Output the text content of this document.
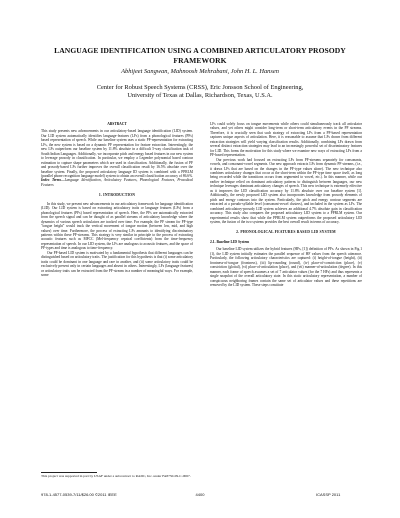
LANGUAGE IDENTIFICATION USING A COMBINED ARTICULATORY PROSODY
FRAMEWORK
Abhijeet Sangwan, Mahnoosh Mehrabani, John H. L. Hansen
Center for Robust Speech Systems (CRSS), Eric Jonsson School of Engineering,
University of Texas at Dallas, Richardson, Texas, U.S.A.
ABSTRACT

This study presents new advancements in our articulatory-based language identification (LID) system. Our LID system automatically identifies language-features (LFs) from a phonological features (PFs) based representation of speech. While our baseline system uses a static PF-representation for extracting LFs, the new system is based on a dynamic PF representation for feature extraction. Interestingly, the new LFs outperform our baseline system by 11.8% absolute in a difficult 5-way classification task of South Indian Languages. Additionally, we incorporate pitch and energy based features in our new system to leverage prosody in classification. In particular, we employ a Legendre polynomial based contour estimation to capture shape parameters which are used in classification. Additionally, the fusion of PF and prosody-based LFs further improves the overall classification result by 16.5% absolute over the baseline system. Finally, the proposed articulatory language ID system is combined with a PPRLM (parallel phone recognition language model) system to obtain an overall classification accuracy of 86.6%.

Index Terms—Language Identification, Articulatory Features, Phonological Features, Prosodical Features

1. INTRODUCTION

In this study, we present new advancements in our articulatory framework for language identification (LID). Our LID system is based on extracting articulatory traits or language features (LFs) from a phonological features (PFs) based representation of speech. Here, the PFs are automatically extracted from the speech signal and can be thought of as parallel streams of articulatory knowledge where the dynamics of various speech articulators are tracked over time. For example, the PF stream for PF-type "tongue height" would track the vertical movement of tongue motion (between low, mid, and high values) over time. Furthermore, the process of extracting LFs amounts to identifying discriminatory patterns within these PF-streams. This strategy is very similar in principle to the process of extracting acoustic features such as MFCC (Mel-frequency cepstral coefficients) from the time-frequency representation of speech. In our LID system, the LFs are analogous to acoustic features, and the space of PF-types and time is analogous to time-frequency.

Our PF-based LID system is motivated by a fundamental hypothesis that different languages can be distinguished based on articulatory traits. The justification for this hypothesis is that (i) some articulatory traits could be dominant in one language and rare in another, and (ii) some articulatory traits could be exclusively present only in certain languages and absent in others. Interestingly, LFs (language features) or articulatory traits can be extracted from the PF-stream in a number of meaningful ways. For example, some

LFs could solely focus on tongue movements while others could simultaneously track all articulator values, and yet others might consider long-term or short-term articulatory events in the PF streams. Therefore, it is crucially seen that such strategy of extracting LFs from a PF-based representation captures unique aspects of articulation. Here, it is reasonable to assume that LFs drawn from different extraction strategies will yield varying classification results. Additionally, combining LFs drawn from several distinct extraction strategies may lead to an increasingly powerful set of discriminatory features for LID. This forms the motivation for this study where we examine new ways of extracting LFs from a PF-based representation.

Our previous work had focused on extracting LFs from PF-streams separately for consonants, vowels, and consonant-vowel segments. Our new approach extracts LFs from dynamic PF-streams, (i.e., it draws LFs that are based on the changes in the PF-type values alone). The new technique also combines articulatory changes that occur at the short-term within the PF-type time space itself, as long being recorded while the transitions occurs from segmented to vowel, etc.). In this manner, while our earlier technique relied on dominant articulatory patterns to distinguish between languages, our new technique leverages dominant articulatory changes of speech. This new technique is extremely effective as it improves the LID classification accuracy by 11.8% absolute over our baseline system [1]. Additionally, the newly proposed LID system also incorporates knowledge from prosody elements of pitch and energy contours into the system. Particularly, the pitch and energy contour segments are extracted at a pseudo-syllable level (consonant-vowel clusters), and included in the system as LFs. The combined articulatory-prosody LID system achieves an additional 4.7% absolute gain in classification accuracy. This study also compares the proposed articulatory LID system to a PPRLM system. Our experimental results show that while the PPRLM system outperforms the proposed articulatory LID system, the fusion of the two systems provides the best overall result in terms of accuracy.

2. PHONOLOGICAL FEATURES BASED LID SYSTEM
2.1. Baseline LID System

Our baseline LID system utilizes the hybrid features (HFs, [1]) definition of PFs. As shown in Fig.1 (1), the LID system initially estimates the parallel sequence of HF values from the speech utterance. Particularly, the following articulatory characteristics are captured: (i) height-of-tongue (height), (ii) frontness-of-tongue (frontness), (iii) lip-rounding (round), (iv) place-of-constriction (place), (v) constriction (glottal), (vi) place-of-articulation (place), and (vii) manner-of-articulation (degree). In this manner, each frame of speech assumes a set of 7 articulator values (for the 7 HFs) and thus represents a single snapshot of the overall articulatory state. In this static articulatory representation, a number of conspicuous neighboring frames contain the same set of articulator values and these repetitions are removed by the LID system. These steps constitute

This project was supported in part by USAF under a subcontract to RADC, Inc. under FA8750-09-C-0067.
978-1-4577-0539-7/11/$26.00 ©2011 IEEE	4400	ICASSP 2011
